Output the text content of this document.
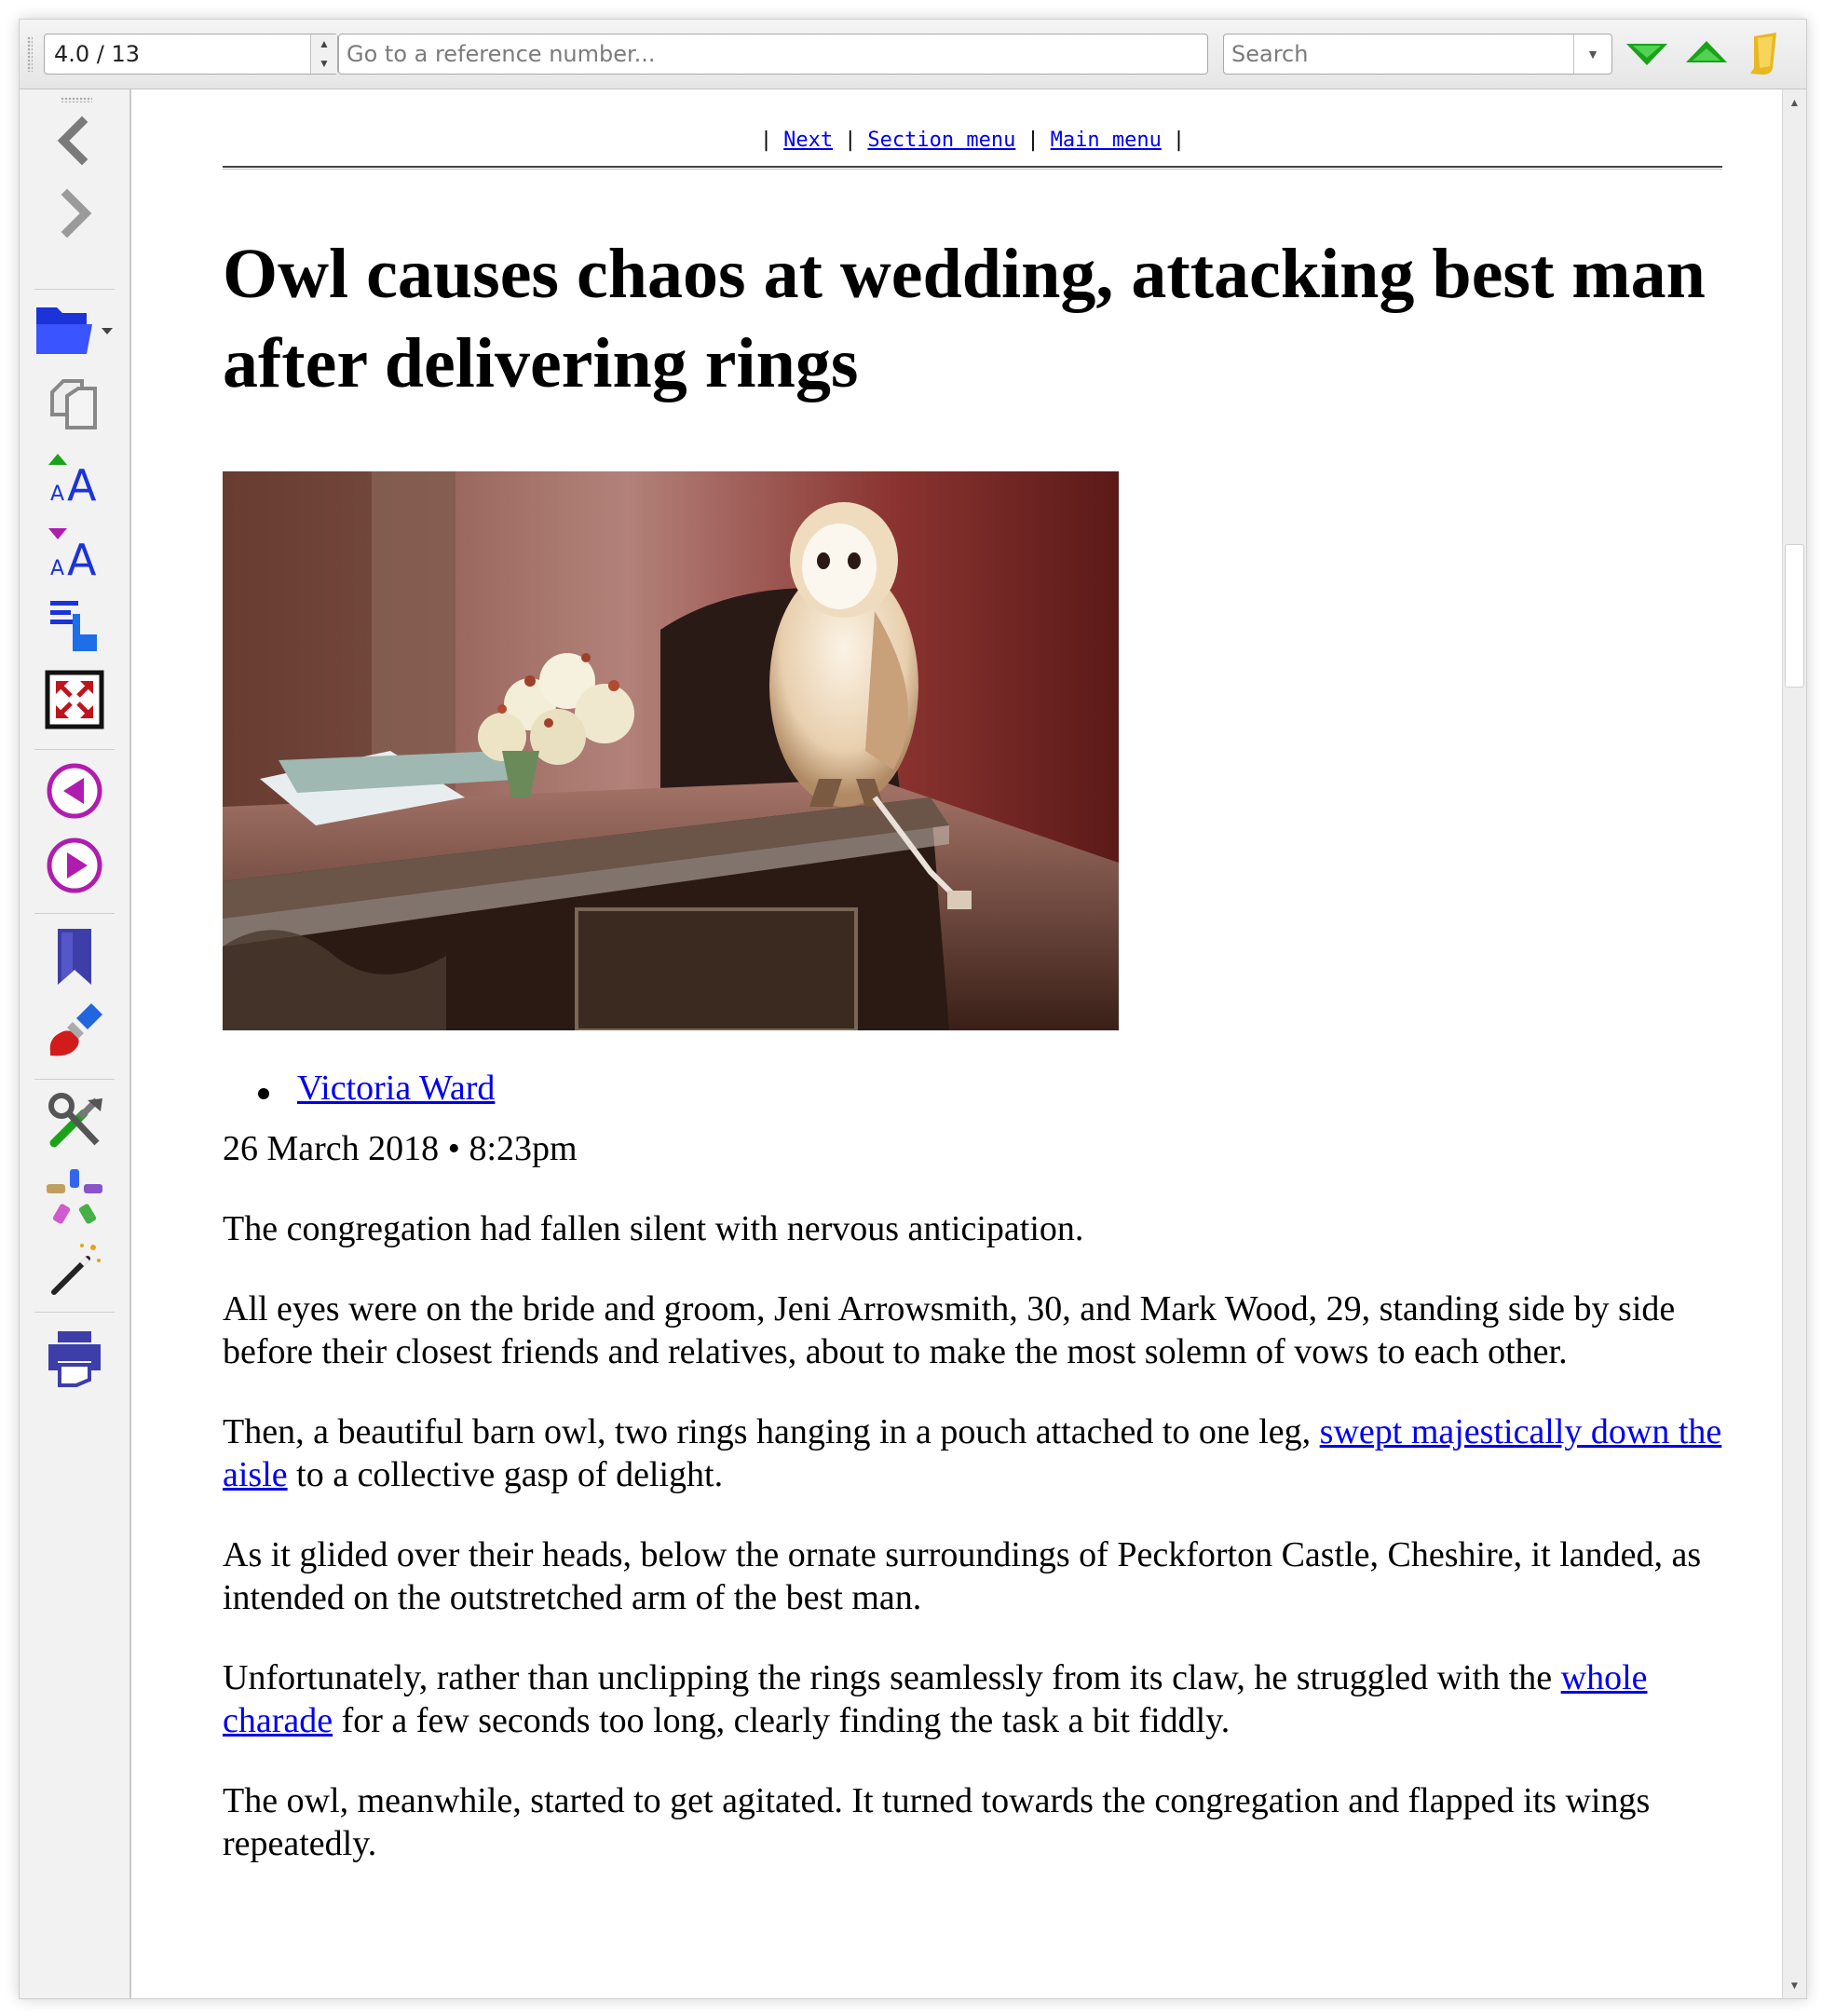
4.0 / 13	▲
▼
Go to a reference number...
Search
▼
A A
A A
| Next | Section menu | Main menu |
Owl causes chaos at wedding, attacking best man after delivering rings
Victoria Ward

26 March 2018 • 8:23pm

The congregation had fallen silent with nervous anticipation.

All eyes were on the bride and groom, Jeni Arrowsmith, 30, and Mark Wood, 29, standing side by side before their closest friends and relatives, about to make the most solemn of vows to each other.

Then, a beautiful barn owl, two rings hanging in a pouch attached to one leg, swept majestically down the aisle to a collective gasp of delight.

As it glided over their heads, below the ornate surroundings of Peckforton Castle, Cheshire, it landed, as intended on the outstretched arm of the best man.

Unfortunately, rather than unclipping the rings seamlessly from its claw, he struggled with the whole charade for a few seconds too long, clearly finding the task a bit fiddly.

The owl, meanwhile, started to get agitated. It turned towards the congregation and flapped its wings repeatedly.

▲
▼
